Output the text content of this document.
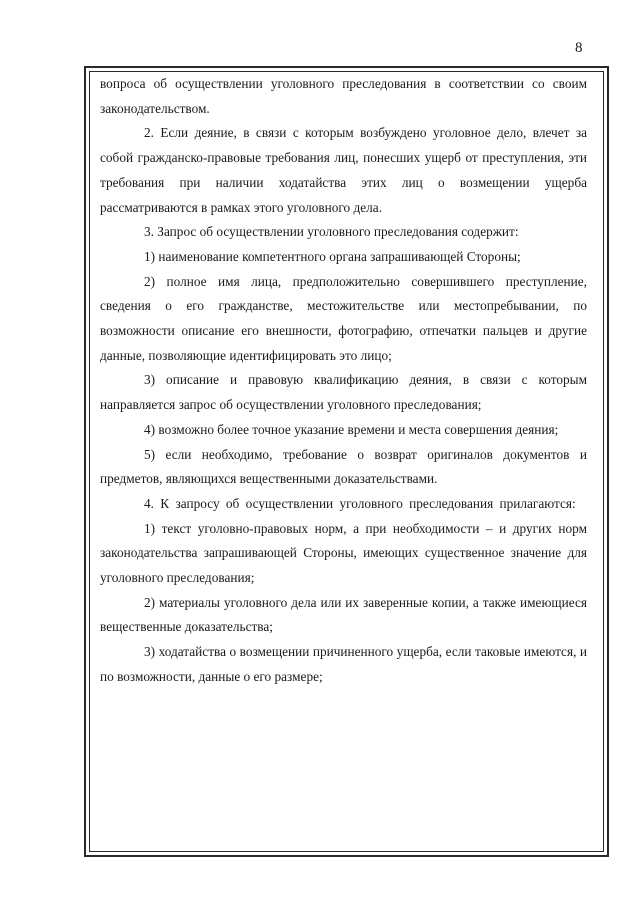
8

вопроса об осуществлении уголовного преследования в соответствии со своим законодательством.

2. Если деяние, в связи с которым возбуждено уголовное дело, влечет за собой гражданско-правовые требования лиц, понесших ущерб от преступления, эти требования при наличии ходатайства этих лиц о возмещении ущерба рассматриваются в рамках этого уголовного дела.

3. Запрос об осуществлении уголовного преследования содержит:

1) наименование компетентного органа запрашивающей Стороны;

2) полное имя лица, предположительно совершившего преступление, сведения о его гражданстве, местожительстве или местопребывании, по возможности описание его внешности, фотографию, отпечатки пальцев и другие данные, позволяющие идентифицировать это лицо;

3) описание и правовую квалификацию деяния, в связи с которым направляется запрос об осуществлении уголовного преследования;

4) возможно более точное указание времени и места совершения деяния;

5) если необходимо, требование о возврат оригиналов документов и предметов, являющихся вещественными доказательствами.

4. К запросу об осуществлении уголовного преследования прилагаются:

1) текст уголовно-правовых норм, а при необходимости – и других норм законодательства запрашивающей Стороны, имеющих существенное значение для уголовного преследования;

2) материалы уголовного дела или их заверенные копии, а также имеющиеся вещественные доказательства;

3) ходатайства о возмещении причиненного ущерба, если таковые имеются, и по возможности, данные о его размере;
